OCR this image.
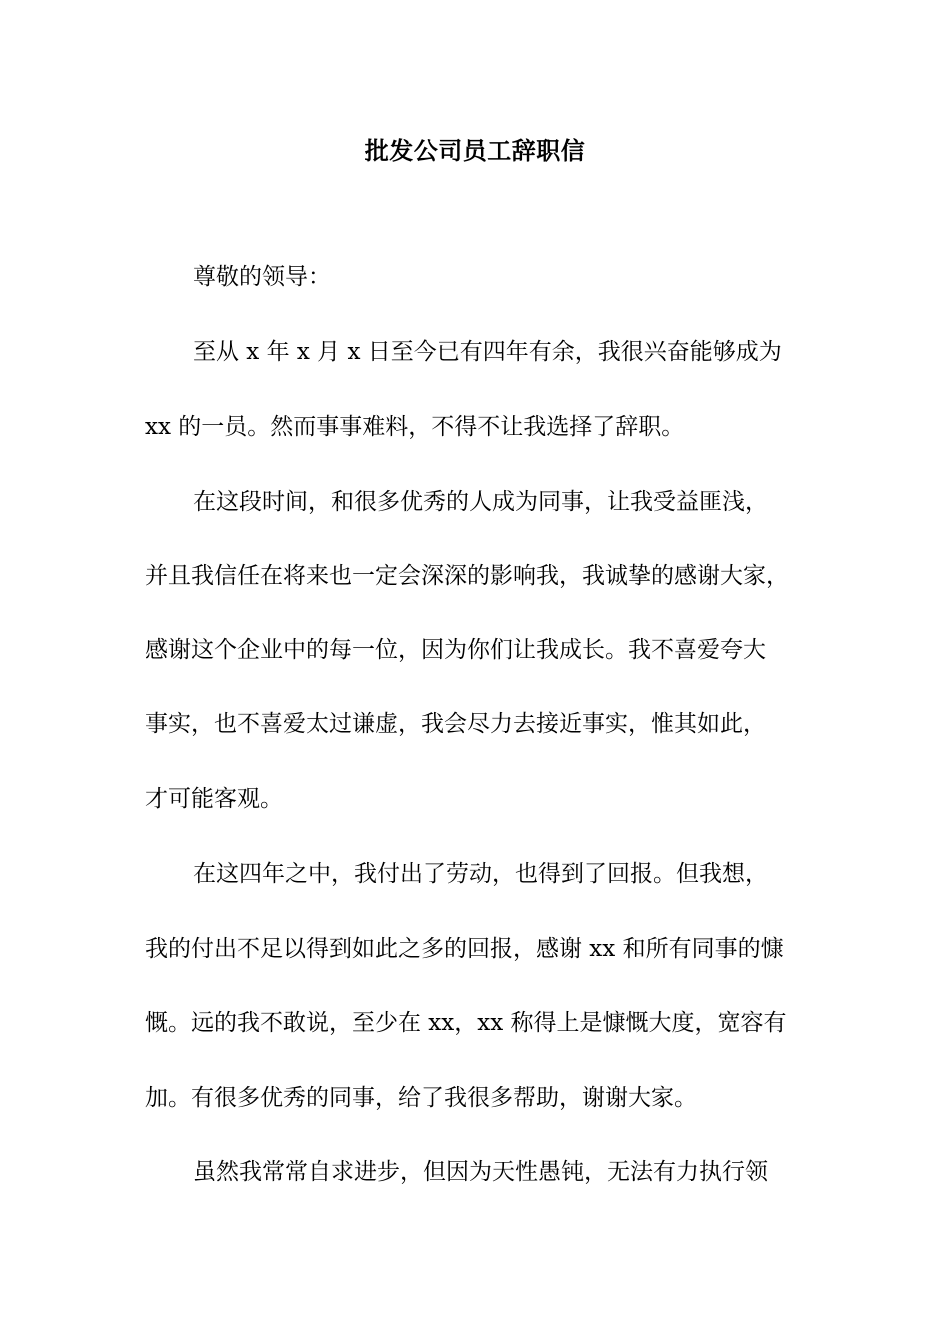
批发公司员工辞职信
尊敬的领导：
至从 x 年 x 月 x 日至今已有四年有余，我很兴奋能够成为
xx 的一员。然而事事难料，不得不让我选择了辞职。
在这段时间，和很多优秀的人成为同事，让我受益匪浅，
并且我信任在将来也一定会深深的影响我，我诚挚的感谢大家，
感谢这个企业中的每一位，因为你们让我成长。我不喜爱夸大
事实，也不喜爱太过谦虚，我会尽力去接近事实，惟其如此，
才可能客观。
在这四年之中，我付出了劳动，也得到了回报。但我想，
我的付出不足以得到如此之多的回报，感谢 xx 和所有同事的慷
慨。远的我不敢说，至少在 xx，xx 称得上是慷慨大度，宽容有
加。有很多优秀的同事，给了我很多帮助，谢谢大家。
虽然我常常自求进步，但因为天性愚钝，无法有力执行领
